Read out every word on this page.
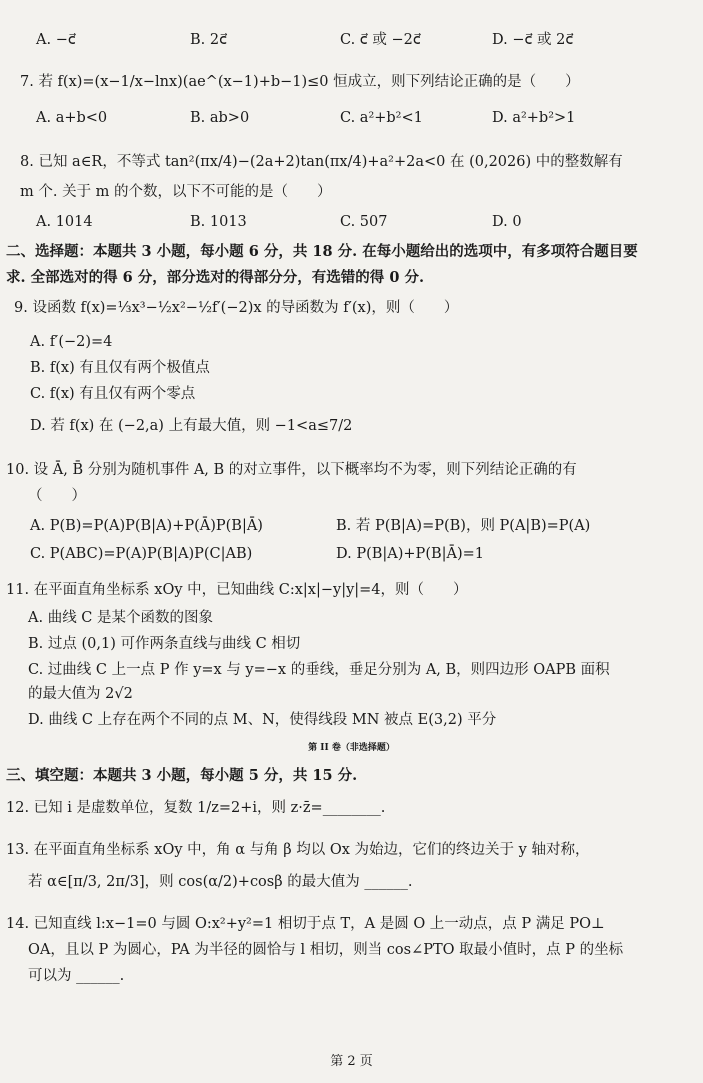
A. −c⃗	B. 2c⃗	C. c⃗ 或 −2c⃗	D. −c⃗ 或 2c⃗
7. 若 f(x)=(x−1/x−lnx)(ae^(x−1)+b−1)≤0 恒成立，则下列结论正确的是（　　）
A. a+b<0	B. ab>0	C. a²+b²<1	D. a²+b²>1
8. 已知 a∈R，不等式 tan²(πx/4)−(2a+2)tan(πx/4)+a²+2a<0 在 (0,2026) 中的整数解有
m 个. 关于 m 的个数，以下不可能的是（　　）
A. 1014	B. 1013	C. 507	D. 0
二、选择题：本题共 3 小题，每小题 6 分，共 18 分. 在每小题给出的选项中，有多项符合题目要
求. 全部选对的得 6 分，部分选对的得部分分，有选错的得 0 分.
9. 设函数 f(x)=⅓x³−½x²−½f′(−2)x 的导函数为 f′(x)，则（　　）
A. f′(−2)=4
B. f(x) 有且仅有两个极值点
C. f(x) 有且仅有两个零点
D. 若 f(x) 在 (−2,a) 上有最大值，则 −1<a≤7/2
10. 设 Ā, B̄ 分别为随机事件 A, B 的对立事件，以下概率均不为零，则下列结论正确的有
（　　）
A. P(B)=P(A)P(B|A)+P(Ā)P(B|Ā)	B. 若 P(B|A)=P(B)，则 P(A|B)=P(A)
C. P(ABC)=P(A)P(B|A)P(C|AB)	D. P(B|A)+P(B|Ā)=1
11. 在平面直角坐标系 xOy 中，已知曲线 C:x|x|−y|y|=4，则（　　）
A. 曲线 C 是某个函数的图象
B. 过点 (0,1) 可作两条直线与曲线 C 相切
C. 过曲线 C 上一点 P 作 y=x 与 y=−x 的垂线，垂足分别为 A, B，则四边形 OAPB 面积
的最大值为 2√2
D. 曲线 C 上存在两个不同的点 M、N，使得线段 MN 被点 E(3,2) 平分
第 II 卷（非选择题）
三、填空题：本题共 3 小题，每小题 5 分，共 15 分.
12. 已知 i 是虚数单位，复数 1/z=2+i，则 z·z̄=________.
13. 在平面直角坐标系 xOy 中，角 α 与角 β 均以 Ox 为始边，它们的终边关于 y 轴对称，
若 α∈[π/3, 2π/3]，则 cos(α/2)+cosβ 的最大值为 ______.
14. 已知直线 l:x−1=0 与圆 O:x²+y²=1 相切于点 T，A 是圆 O 上一动点，点 P 满足 PO⊥
OA，且以 P 为圆心，PA 为半径的圆恰与 l 相切，则当 cos∠PTO 取最小值时，点 P 的坐标
可以为 ______.
第 2 页
